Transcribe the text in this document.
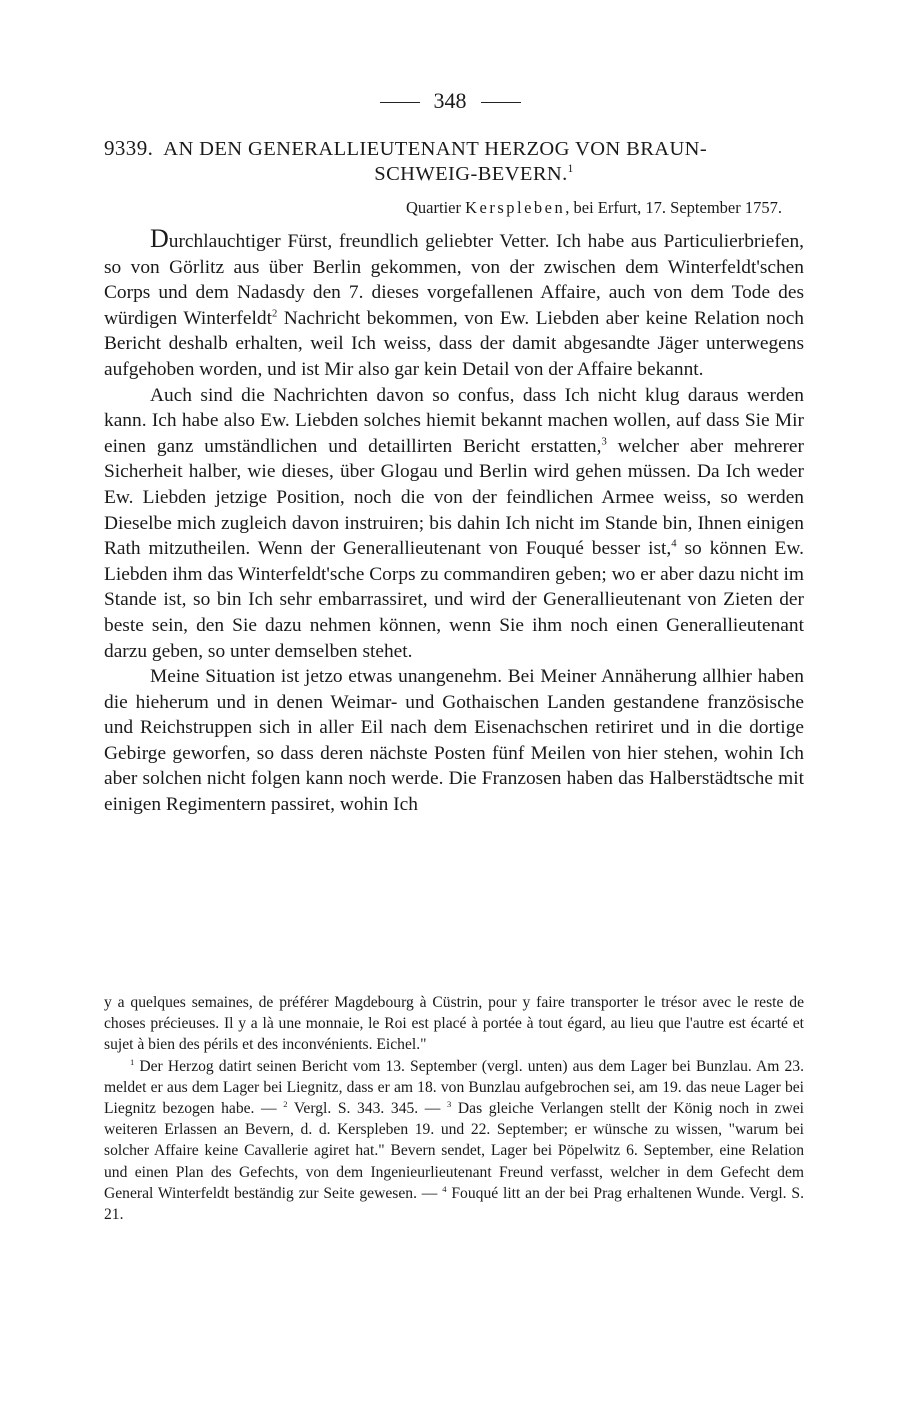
348
9339. AN DEN GENERALLIEUTENANT HERZOG VON BRAUN-
SCHWEIG-BEVERN.$^1$
Quartier Kerspleben, bei Erfurt, 17. September 1757.

Durchlauchtiger Fürst, freundlich geliebter Vetter. Ich habe aus Particulierbriefen, so von Görlitz aus über Berlin gekommen, von der zwischen dem Winterfeldt'schen Corps und dem Nadasdy den 7. dieses vorgefallenen Affaire, auch von dem Tode des würdigen Winterfeldt$^2$ Nachricht bekommen, von Ew. Liebden aber keine Relation noch Bericht deshalb erhalten, weil Ich weiss, dass der damit abgesandte Jäger unterwegens aufgehoben worden, und ist Mir also gar kein Detail von der Affaire bekannt.

Auch sind die Nachrichten davon so confus, dass Ich nicht klug daraus werden kann. Ich habe also Ew. Liebden solches hiemit bekannt machen wollen, auf dass Sie Mir einen ganz umständlichen und detaillirten Bericht erstatten,$^3$ welcher aber mehrerer Sicherheit halber, wie dieses, über Glogau und Berlin wird gehen müssen. Da Ich weder Ew. Liebden jetzige Position, noch die von der feindlichen Armee weiss, so werden Dieselbe mich zugleich davon instruiren; bis dahin Ich nicht im Stande bin, Ihnen einigen Rath mitzutheilen. Wenn der Generallieutenant von Fouqué besser ist,$^4$ so können Ew. Liebden ihm das Winterfeldt'sche Corps zu commandiren geben; wo er aber dazu nicht im Stande ist, so bin Ich sehr embarrassiret, und wird der Generallieutenant von Zieten der beste sein, den Sie dazu nehmen können, wenn Sie ihm noch einen Generallieutenant darzu geben, so unter demselben stehet.

Meine Situation ist jetzo etwas unangenehm. Bei Meiner Annäherung allhier haben die hieherum und in denen Weimar- und Gothaischen Landen gestandene französische und Reichstruppen sich in aller Eil nach dem Eisenachschen retiriret und in die dortige Gebirge geworfen, so dass deren nächste Posten fünf Meilen von hier stehen, wohin Ich aber solchen nicht folgen kann noch werde. Die Franzosen haben das Halberstädtsche mit einigen Regimentern passiret, wohin Ich

y a quelques semaines, de préférer Magdebourg à Cüstrin, pour y faire transporter le trésor avec le reste de choses précieuses. Il y a là une monnaie, le Roi est placé à portée à tout égard, au lieu que l'autre est écarté et sujet à bien des périls et des inconvénients. Eichel."

$^1$ Der Herzog datirt seinen Bericht vom 13. September (vergl. unten) aus dem Lager bei Bunzlau. Am 23. meldet er aus dem Lager bei Liegnitz, dass er am 18. von Bunzlau aufgebrochen sei, am 19. das neue Lager bei Liegnitz bezogen habe. — $^2$ Vergl. S. 343. 345. — $^3$ Das gleiche Verlangen stellt der König noch in zwei weiteren Erlassen an Bevern, d. d. Kerspleben 19. und 22. September; er wünsche zu wissen, "warum bei solcher Affaire keine Cavallerie agiret hat." Bevern sendet, Lager bei Pöpelwitz 6. September, eine Relation und einen Plan des Gefechts, von dem Ingenieurlieutenant Freund verfasst, welcher in dem Gefecht dem General Winterfeldt beständig zur Seite gewesen. — $^4$ Fouqué litt an der bei Prag erhaltenen Wunde. Vergl. S. 21.
